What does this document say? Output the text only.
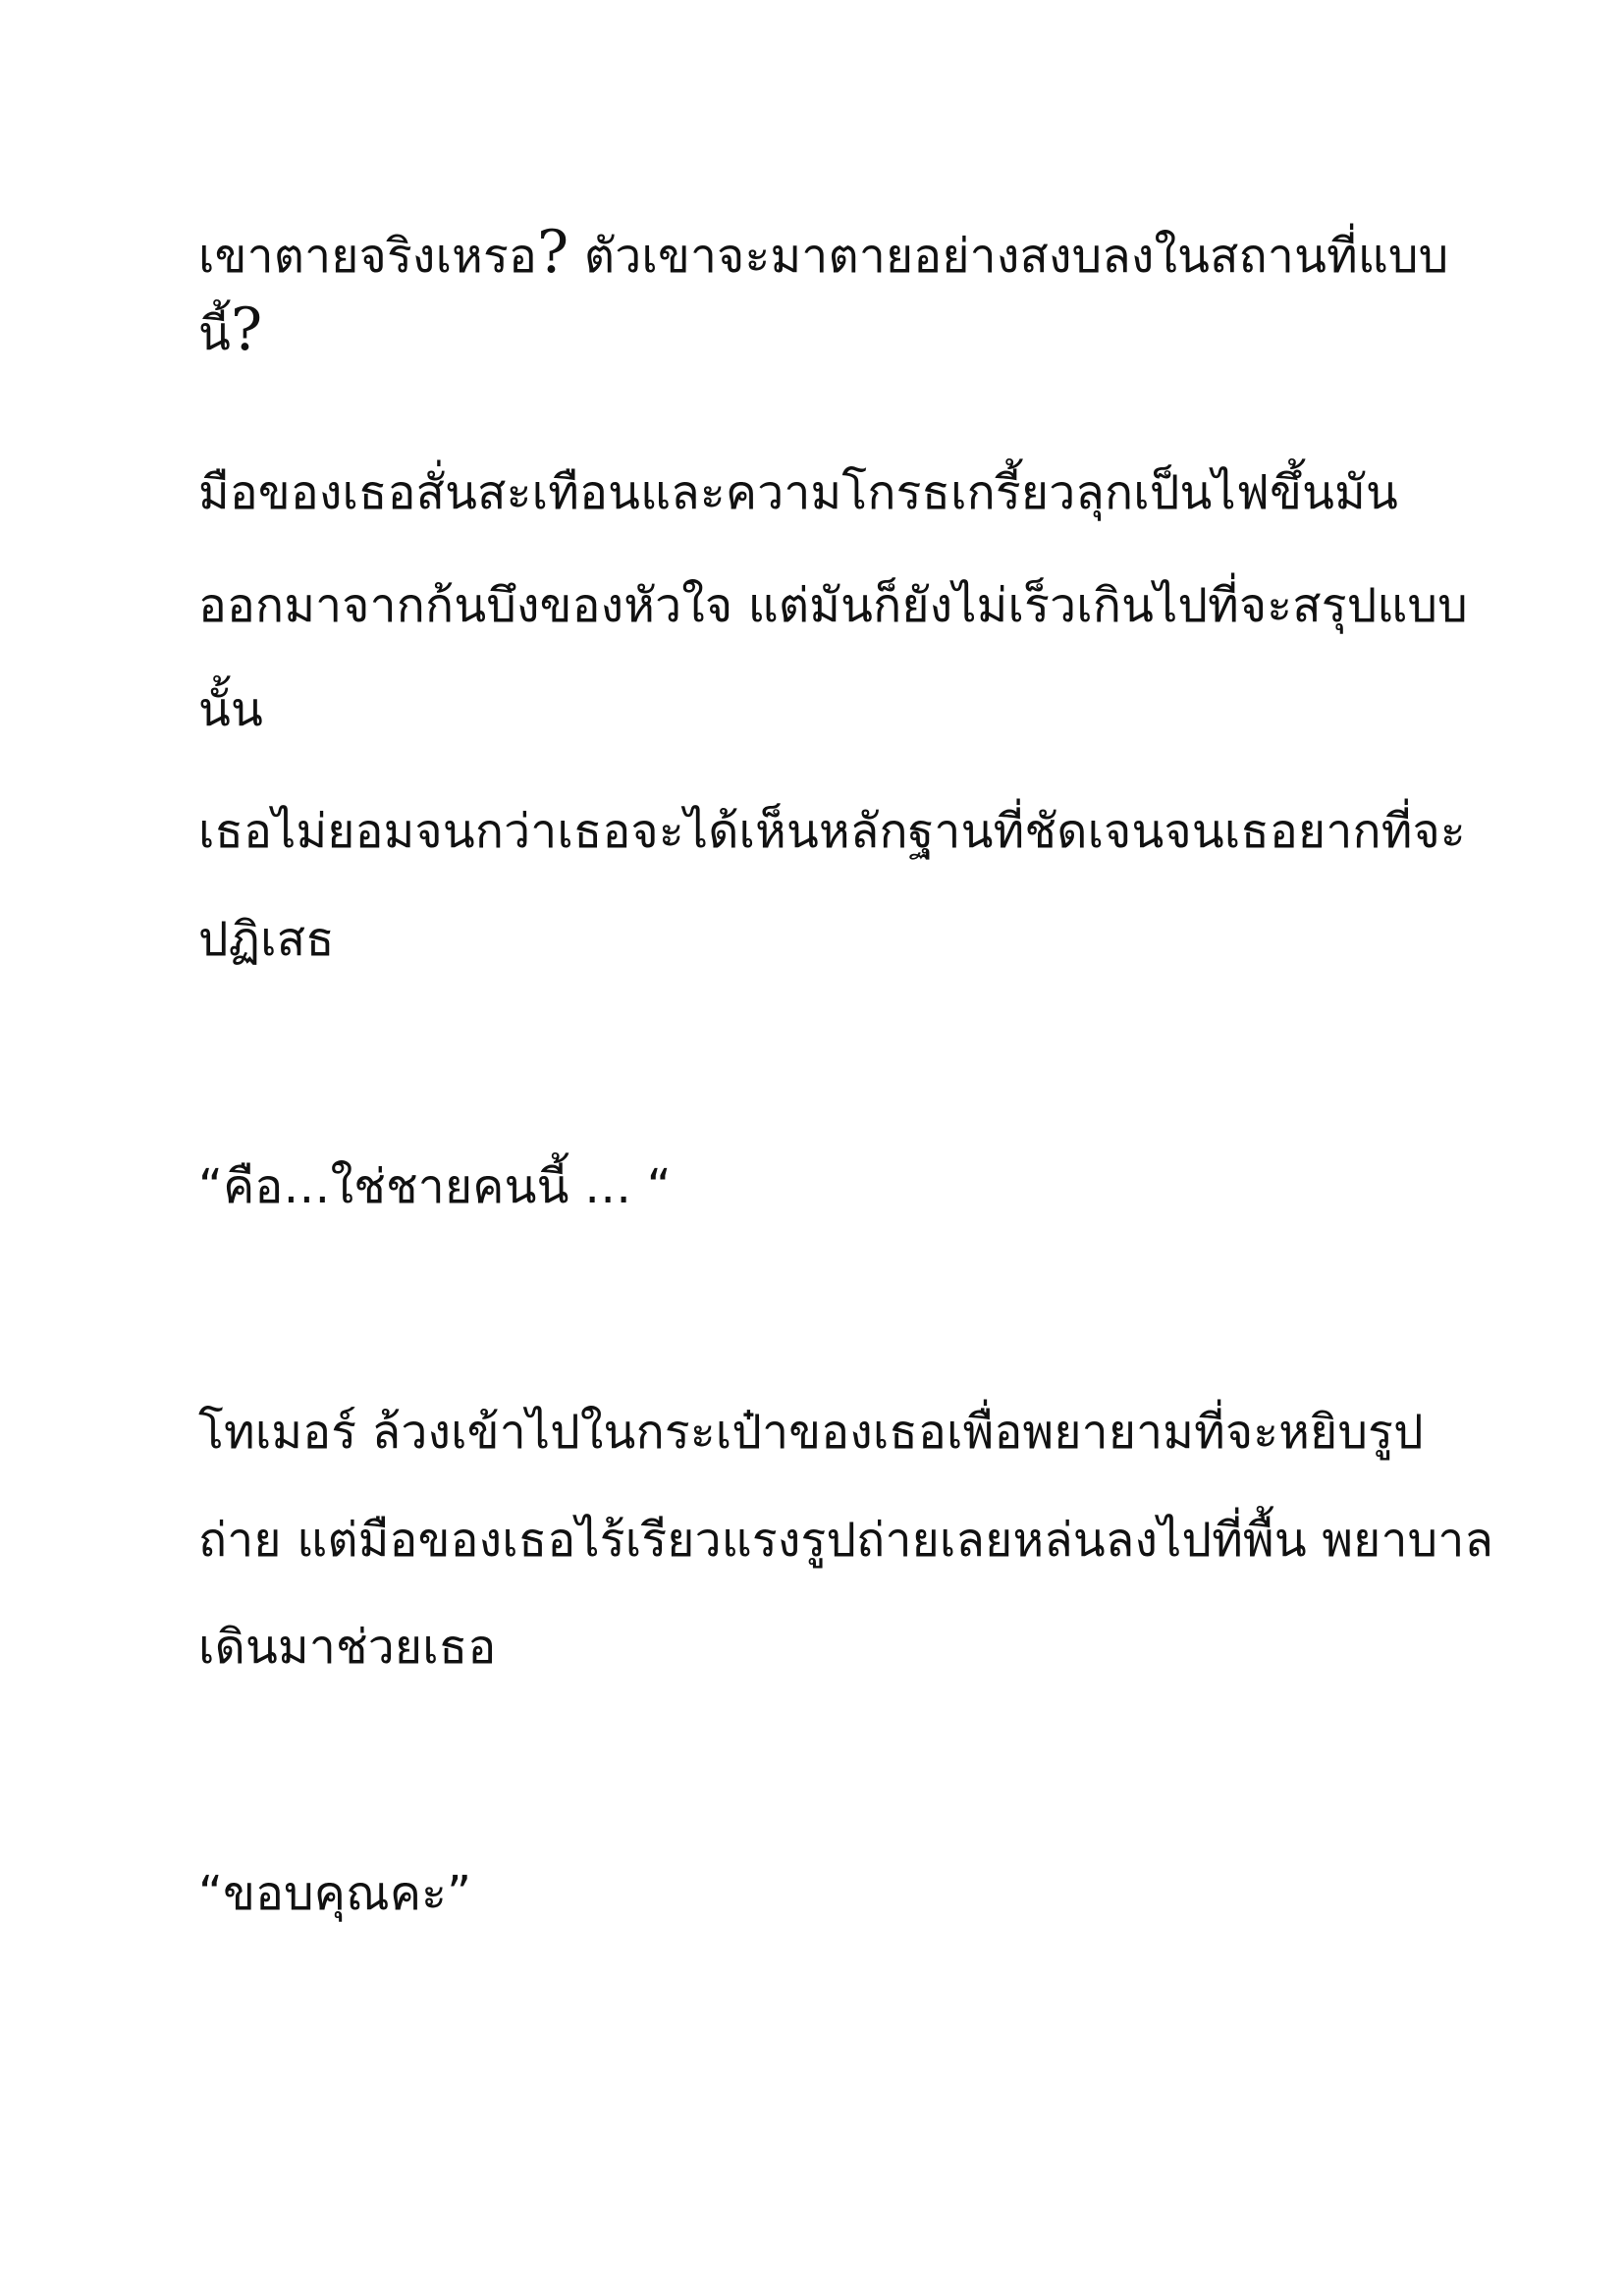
เขาตายจริงเหรอ? ตัวเขาจะมาตายอย่างสงบลงในสถานที่แบบ
นี้?
มือของเธอสั่นสะเทือนและความโกรธเกรี้ยวลุกเป็นไฟขึ้นมัน
ออกมาจากก้นบึงของหัวใจ แต่มันก็ยังไม่เร็วเกินไปที่จะสรุปแบบ
นั้น
เธอไม่ยอมจนกว่าเธอจะได้เห็นหลักฐานที่ชัดเจนจนเธอยากที่จะ
ปฏิเสธ
“คือ…ใช่ชายคนนี้ … “
โทเมอร์ ล้วงเข้าไปในกระเป๋าของเธอเพื่อพยายามที่จะหยิบรูป
ถ่าย แต่มือของเธอไร้เรียวแรงรูปถ่ายเลยหล่นลงไปที่พื้น พยาบาล
เดินมาช่วยเธอ
“ขอบคุณคะ”
